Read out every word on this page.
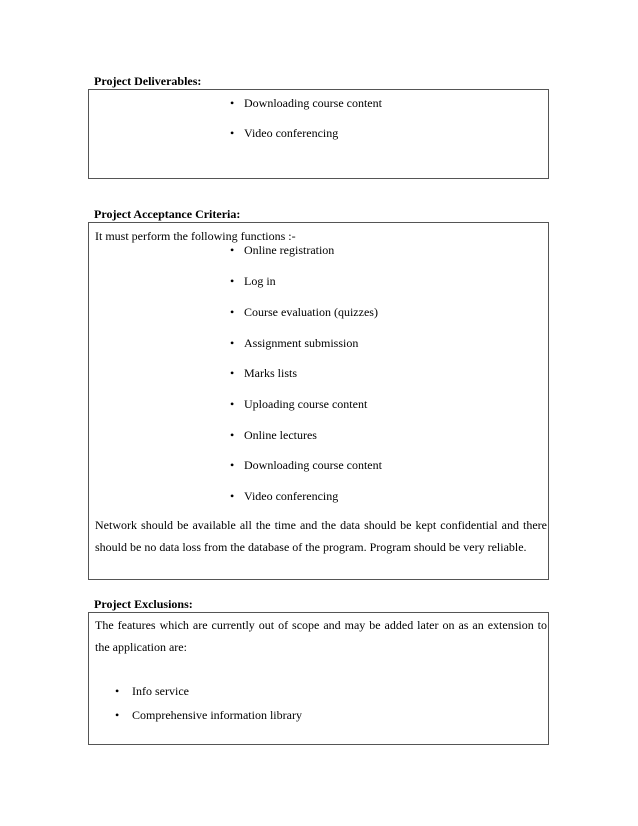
Project Deliverables:
• Downloading course content
• Video conferencing
Project Acceptance Criteria:
It must perform the following functions :-
• Online registration
• Log in
• Course evaluation (quizzes)
• Assignment submission
• Marks lists
• Uploading course content
• Online lectures
• Downloading course content
• Video conferencing
Network should be available all the time and the data should be kept confidential and there should be no data loss from the database of the program. Program should be very reliable.
Project Exclusions:
The features which are currently out of scope and may be added later on as an extension to the application are:
• Info service
• Comprehensive information library
